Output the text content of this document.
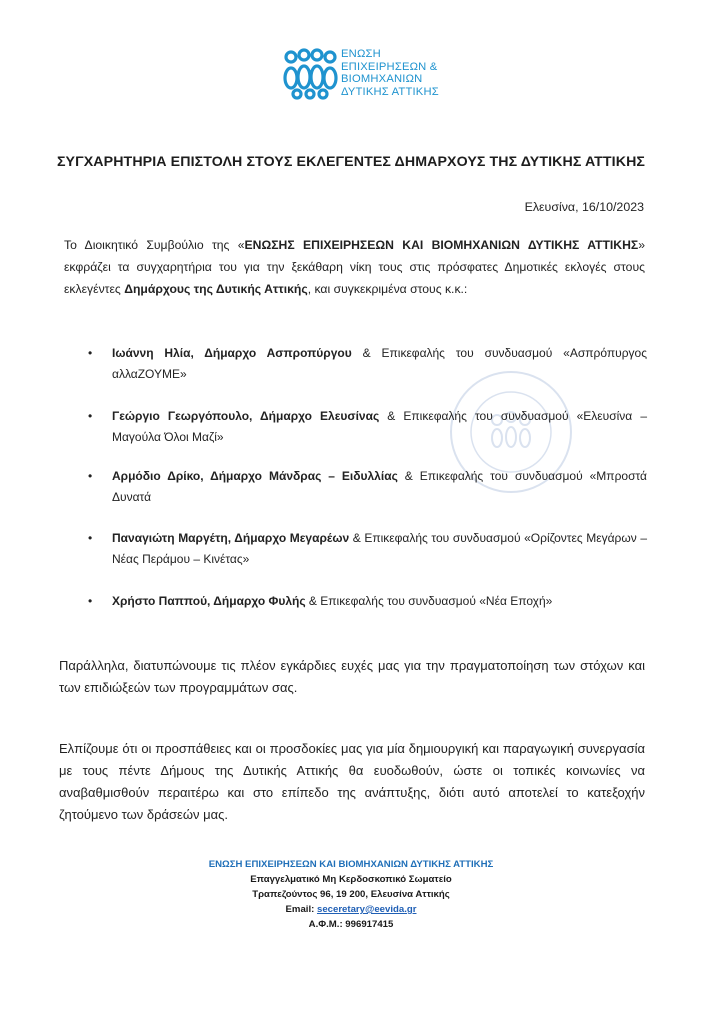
ΕΝΩΣΗ
ΕΠΙΧΕΙΡΗΣΕΩΝ &
ΒΙΟΜΗΧΑΝΙΩΝ
ΔΥΤΙΚΗΣ ΑΤΤΙΚΗΣ
ΣΥΓΧΑΡΗΤΗΡΙΑ ΕΠΙΣΤΟΛΗ ΣΤΟΥΣ ΕΚΛΕΓΕΝΤΕΣ ΔΗΜΑΡΧΟΥΣ ΤΗΣ ΔΥΤΙΚΗΣ ΑΤΤΙΚΗΣ
Ελευσίνα, 16/10/2023
Το Διοικητικό Συμβούλιο της «ΕΝΩΣΗΣ ΕΠΙΧΕΙΡΗΣΕΩΝ ΚΑΙ ΒΙΟΜΗΧΑΝΙΩΝ ΔΥΤΙΚΗΣ ΑΤΤΙΚΗΣ» εκφράζει τα συγχαρητήρια του για την ξεκάθαρη νίκη τους στις πρόσφατες Δημοτικές εκλογές στους εκλεγέντες Δημάρχους της Δυτικής Αττικής, και συγκεκριμένα στους κ.κ.:
• Ιωάννη Ηλία, Δήμαρχο Ασπροπύργου & Επικεφαλής του συνδυασμού «Ασπρόπυργος αλλαΖΟΥΜΕ»
• Γεώργιο Γεωργόπουλο, Δήμαρχο Ελευσίνας & Επικεφαλής του συνδυασμού «Ελευσίνα – Μαγούλα Όλοι Μαζί»
• Αρμόδιο Δρίκο, Δήμαρχο Μάνδρας – Ειδυλλίας & Επικεφαλής του συνδυασμού «Μπροστά Δυνατά
• Παναγιώτη Μαργέτη, Δήμαρχο Μεγαρέων & Επικεφαλής του συνδυασμού «Ορίζοντες Μεγάρων – Νέας Περάμου – Κινέτας»
• Χρήστο Παππού, Δήμαρχο Φυλής & Επικεφαλής του συνδυασμού «Νέα Εποχή»
Παράλληλα, διατυπώνουμε τις πλέον εγκάρδιες ευχές μας για την πραγματοποίηση των στόχων και των επιδιώξεών των προγραμμάτων σας.
Ελπίζουμε ότι οι προσπάθειες και οι προσδοκίες μας για μία δημιουργική και παραγωγική συνεργασία με τους πέντε Δήμους της Δυτικής Αττικής θα ευοδωθούν, ώστε οι τοπικές κοινωνίες να αναβαθμισθούν περαιτέρω και στο επίπεδο της ανάπτυξης, διότι αυτό αποτελεί το κατεξοχήν ζητούμενο των δράσεών μας.
ΕΝΩΣΗ ΕΠΙΧΕΙΡΗΣΕΩΝ ΚΑΙ ΒΙΟΜΗΧΑΝΙΩΝ ΔΥΤΙΚΗΣ ΑΤΤΙΚΗΣ
Επαγγελματικό Μη Κερδοσκοπικό Σωματείο
Τραπεζούντος 96, 19 200, Ελευσίνα Αττικής
Email: seceretary@eevida.gr
Α.Φ.Μ.: 996917415
